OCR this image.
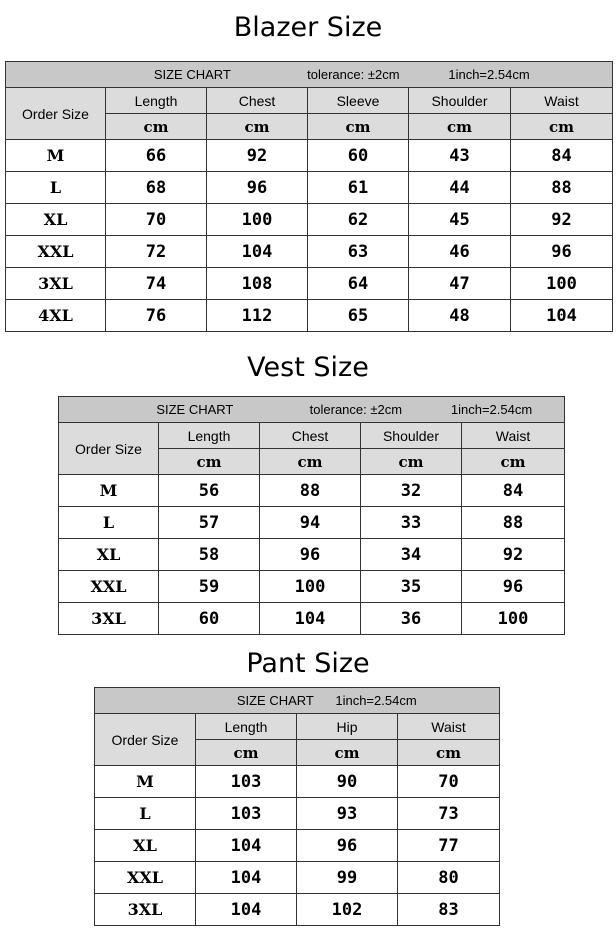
Blazer Size
SIZE CHART tolerance: ±2cm 1inch=2.54cm					
Order Size	Length	Chest	Sleeve	Shoulder	Waist
	cm	cm	cm	cm	cm
M	66	92	60	43	84
L	68	96	61	44	88
XL	70	100	62	45	92
XXL	72	104	63	46	96
3XL	74	108	64	47	100
4XL	76	112	65	48	104
Vest Size
SIZE CHART tolerance: ±2cm 1inch=2.54cm				
Order Size	Length	Chest	Shoulder	Waist
	cm	cm	cm	cm
M	56	88	32	84
L	57	94	33	88
XL	58	96	34	92
XXL	59	100	35	96
3XL	60	104	36	100
Pant Size
SIZE CHART 1inch=2.54cm			
Order Size	Length	Hip	Waist
	cm	cm	cm
M	103	90	70
L	103	93	73
XL	104	96	77
XXL	104	99	80
3XL	104	102	83
